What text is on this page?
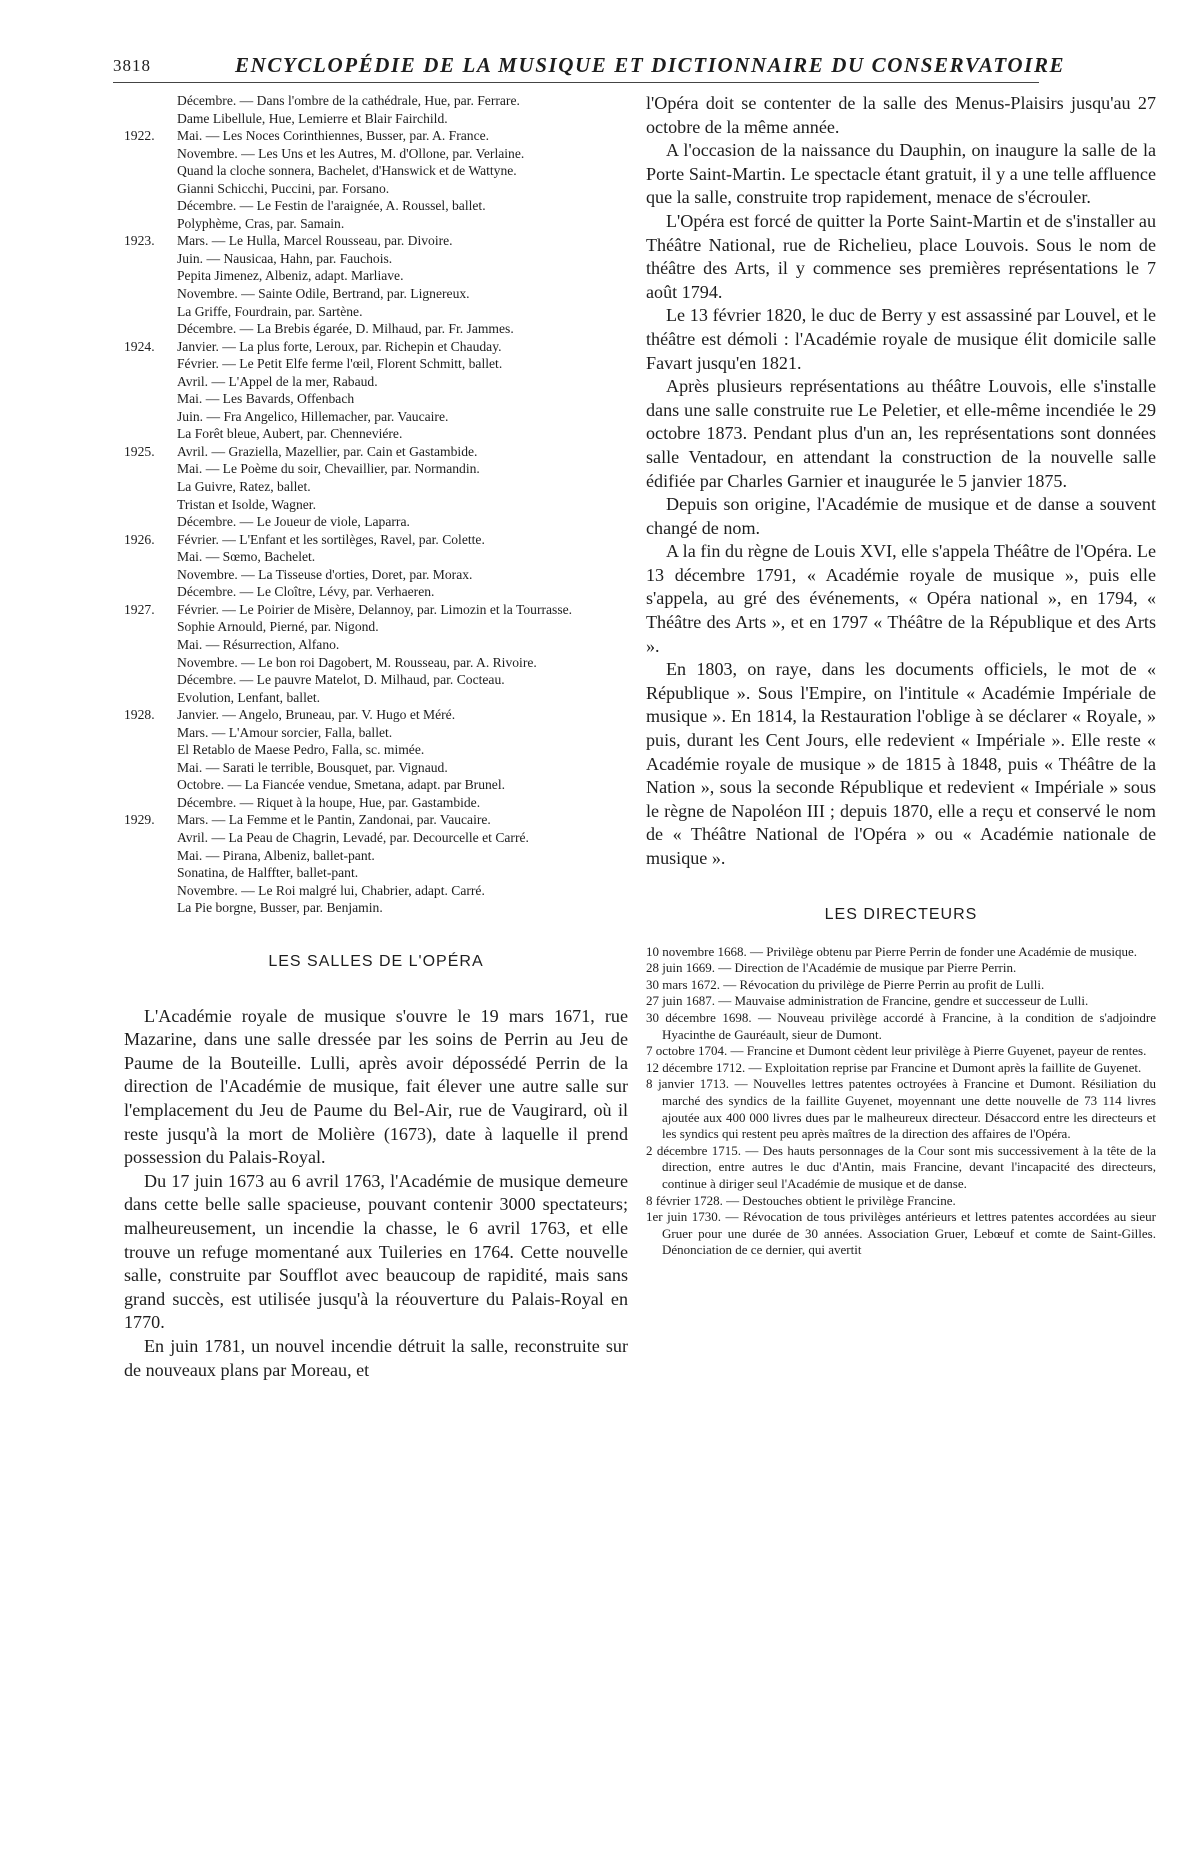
3818	ENCYCLOPÉDIE DE LA MUSIQUE ET DICTIONNAIRE DU CONSERVATOIRE
Décembre. — Dans l'ombre de la cathédrale, Hue, par. Ferrare.
Dame Libellule, Hue, Lemierre et Blair Fairchild.
1922. Mai. — Les Noces Corinthiennes, Busser, par. A. France.
Novembre. — Les Uns et les Autres, M. d'Ollone, par. Verlaine.
Quand la cloche sonnera, Bachelet, d'Hanswick et de Wattyne.
Gianni Schicchi, Puccini, par. Forsano.
Décembre. — Le Festin de l'araignée, A. Roussel, ballet.
Polyphème, Cras, par. Samain.
1923. Mars. — Le Hulla, Marcel Rousseau, par. Divoire.
Juin. — Nausicaa, Hahn, par. Fauchois.
Pepita Jimenez, Albeniz, adapt. Marliave.
Novembre. — Sainte Odile, Bertrand, par. Lignereux.
La Griffe, Fourdrain, par. Sartène.
Décembre. — La Brebis égarée, D. Milhaud, par. Fr. Jammes.
1924. Janvier. — La plus forte, Leroux, par. Richepin et Chauday.
Février. — Le Petit Elfe ferme l'œil, Florent Schmitt, ballet.
Avril. — L'Appel de la mer, Rabaud.
Mai. — Les Bavards, Offenbach
Juin. — Fra Angelico, Hillemacher, par. Vaucaire.
La Forêt bleue, Aubert, par. Chenneviére.
1925. Avril. — Graziella, Mazellier, par. Cain et Gastambide.
Mai. — Le Poème du soir, Chevaillier, par. Normandin.
La Guivre, Ratez, ballet.
Tristan et Isolde, Wagner.
Décembre. — Le Joueur de viole, Laparra.
1926. Février. — L'Enfant et les sortilèges, Ravel, par. Colette.
Mai. — Sœmo, Bachelet.
Novembre. — La Tisseuse d'orties, Doret, par. Morax.
Décembre. — Le Cloître, Lévy, par. Verhaeren.
1927. Février. — Le Poirier de Misère, Delannoy, par. Limozin et la Tourrasse.
Sophie Arnould, Pierné, par. Nigond.
Mai. — Résurrection, Alfano.
Novembre. — Le bon roi Dagobert, M. Rousseau, par. A. Rivoire.
Décembre. — Le pauvre Matelot, D. Milhaud, par. Cocteau.
Evolution, Lenfant, ballet.
1928. Janvier. — Angelo, Bruneau, par. V. Hugo et Méré.
Mars. — L'Amour sorcier, Falla, ballet.
El Retablo de Maese Pedro, Falla, sc. mimée.
Mai. — Sarati le terrible, Bousquet, par. Vignaud.
Octobre. — La Fiancée vendue, Smetana, adapt. par Brunel.
Décembre. — Riquet à la houpe, Hue, par. Gastambide.
1929. Mars. — La Femme et le Pantin, Zandonai, par. Vaucaire.
Avril. — La Peau de Chagrin, Levadé, par. Decourcelle et Carré.
Mai. — Pirana, Albeniz, ballet-pant.
Sonatina, de Halffter, ballet-pant.
Novembre. — Le Roi malgré lui, Chabrier, adapt. Carré.
La Pie borgne, Busser, par. Benjamin.
LES SALLES DE L'OPÉRA

L'Académie royale de musique s'ouvre le 19 mars 1671, rue Mazarine, dans une salle dressée par les soins de Perrin au Jeu de Paume de la Bouteille. Lulli, après avoir dépossédé Perrin de la direction de l'Académie de musique, fait élever une autre salle sur l'emplacement du Jeu de Paume du Bel-Air, rue de Vaugirard, où il reste jusqu'à la mort de Molière (1673), date à laquelle il prend possession du Palais-Royal.

Du 17 juin 1673 au 6 avril 1763, l'Académie de musique demeure dans cette belle salle spacieuse, pouvant contenir 3000 spectateurs; malheureusement, un incendie la chasse, le 6 avril 1763, et elle trouve un refuge momentané aux Tuileries en 1764. Cette nouvelle salle, construite par Soufflot avec beaucoup de rapidité, mais sans grand succès, est utilisée jusqu'à la réouverture du Palais-Royal en 1770.

En juin 1781, un nouvel incendie détruit la salle, reconstruite sur de nouveaux plans par Moreau, et

l'Opéra doit se contenter de la salle des Menus-Plaisirs jusqu'au 27 octobre de la même année.

A l'occasion de la naissance du Dauphin, on inaugure la salle de la Porte Saint-Martin. Le spectacle étant gratuit, il y a une telle affluence que la salle, construite trop rapidement, menace de s'écrouler.

L'Opéra est forcé de quitter la Porte Saint-Martin et de s'installer au Théâtre National, rue de Richelieu, place Louvois. Sous le nom de théâtre des Arts, il y commence ses premières représentations le 7 août 1794.

Le 13 février 1820, le duc de Berry y est assassiné par Louvel, et le théâtre est démoli : l'Académie royale de musique élit domicile salle Favart jusqu'en 1821.

Après plusieurs représentations au théâtre Louvois, elle s'installe dans une salle construite rue Le Peletier, et elle-même incendiée le 29 octobre 1873. Pendant plus d'un an, les représentations sont données salle Ventadour, en attendant la construction de la nouvelle salle édifiée par Charles Garnier et inaugurée le 5 janvier 1875.

Depuis son origine, l'Académie de musique et de danse a souvent changé de nom.

A la fin du règne de Louis XVI, elle s'appela Théâtre de l'Opéra. Le 13 décembre 1791, « Académie royale de musique », puis elle s'appela, au gré des événements, « Opéra national », en 1794, « Théâtre des Arts », et en 1797 « Théâtre de la République et des Arts ».

En 1803, on raye, dans les documents officiels, le mot de « République ». Sous l'Empire, on l'intitule « Académie Impériale de musique ». En 1814, la Restauration l'oblige à se déclarer « Royale, » puis, durant les Cent Jours, elle redevient « Impériale ». Elle reste « Académie royale de musique » de 1815 à 1848, puis « Théâtre de la Nation », sous la seconde République et redevient « Impériale » sous le règne de Napoléon III ; depuis 1870, elle a reçu et conservé le nom de « Théâtre National de l'Opéra » ou « Académie nationale de musique ».

LES DIRECTEURS
10 novembre 1668. — Privilège obtenu par Pierre Perrin de fonder une Académie de musique.
28 juin 1669. — Direction de l'Académie de musique par Pierre Perrin.
30 mars 1672. — Révocation du privilège de Pierre Perrin au profit de Lulli.
27 juin 1687. — Mauvaise administration de Francine, gendre et successeur de Lulli.
30 décembre 1698. — Nouveau privilège accordé à Francine, à la condition de s'adjoindre Hyacinthe de Gauréault, sieur de Dumont.
7 octobre 1704. — Francine et Dumont cèdent leur privilège à Pierre Guyenet, payeur de rentes.
12 décembre 1712. — Exploitation reprise par Francine et Dumont après la faillite de Guyenet.
8 janvier 1713. — Nouvelles lettres patentes octroyées à Francine et Dumont. Résiliation du marché des syndics de la faillite Guyenet, moyennant une dette nouvelle de 73 114 livres ajoutée aux 400 000 livres dues par le malheureux directeur. Désaccord entre les directeurs et les syndics qui restent peu après maîtres de la direction des affaires de l'Opéra.
2 décembre 1715. — Des hauts personnages de la Cour sont mis successivement à la tête de la direction, entre autres le duc d'Antin, mais Francine, devant l'incapacité des directeurs, continue à diriger seul l'Académie de musique et de danse.
8 février 1728. — Destouches obtient le privilège Francine.
1er juin 1730. — Révocation de tous privilèges antérieurs et lettres patentes accordées au sieur Gruer pour une durée de 30 années. Association Gruer, Lebœuf et comte de Saint-Gilles. Dénonciation de ce dernier, qui avertit
